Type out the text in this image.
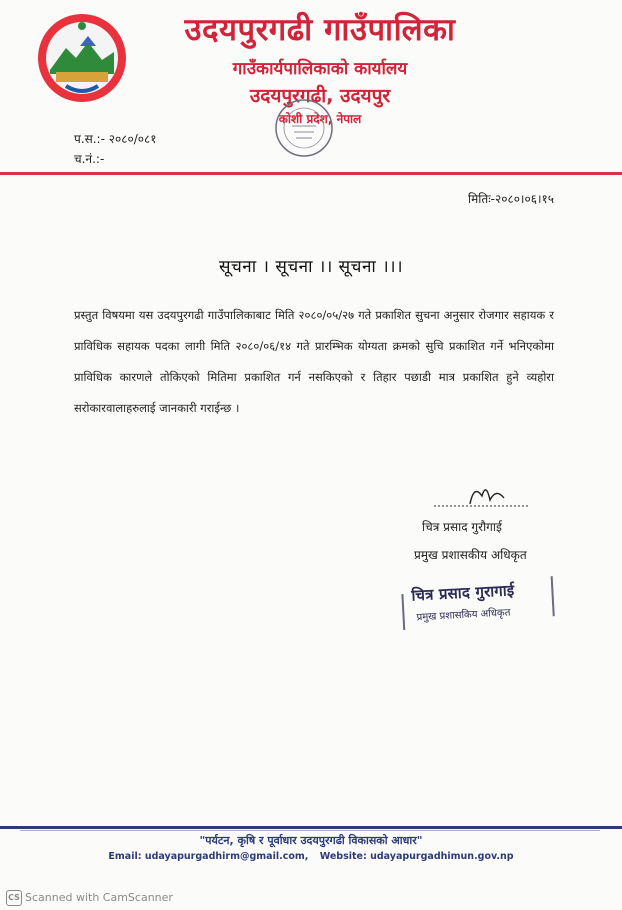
उदयपुरगढी गाउँपालिका
गाउँकार्यपालिकाको कार्यालय
उदयपुरगढी, उदयपुर
कोशी प्रदेश, नेपाल
प.स.:- २०८०/०८१
च.नं.:-
मितिः-२०८०।०६।१५
सूचना । सूचना ।। सूचना ।।।
प्रस्तुत विषयमा यस उदयपुरगढी गाउँपालिकाबाट मिति २०८०/०५/२७ गते प्रकाशित सुचना अनुसार रोजगार सहायक र प्राविधिक सहायक पदका लागी मिति २०८०/०६/१४ गते प्रारम्भिक योग्यता क्रमको सुचि प्रकाशित गर्ने भनिएकोमा प्राविधिक कारणले तोकिएको मितिमा प्रकाशित गर्न नसकिएको र तिहार पछाडी मात्र प्रकाशित हुने व्यहोरा सरोकारवालाहरुलाई जानकारी गराईन्छ ।
चित्र प्रसाद गुरौगाई
प्रमुख प्रशासकीय अधिकृत
चित्र प्रसाद गुरागाई
प्रमुख प्रशासकिय अधिकृत
"पर्यटन, कृषि र पूर्वाधार उदयपुरगढी विकासको आधार"
Email: udayapurgadhirm@gmail.com, Website: udayapurgadhimun.gov.np
CS Scanned with CamScanner
